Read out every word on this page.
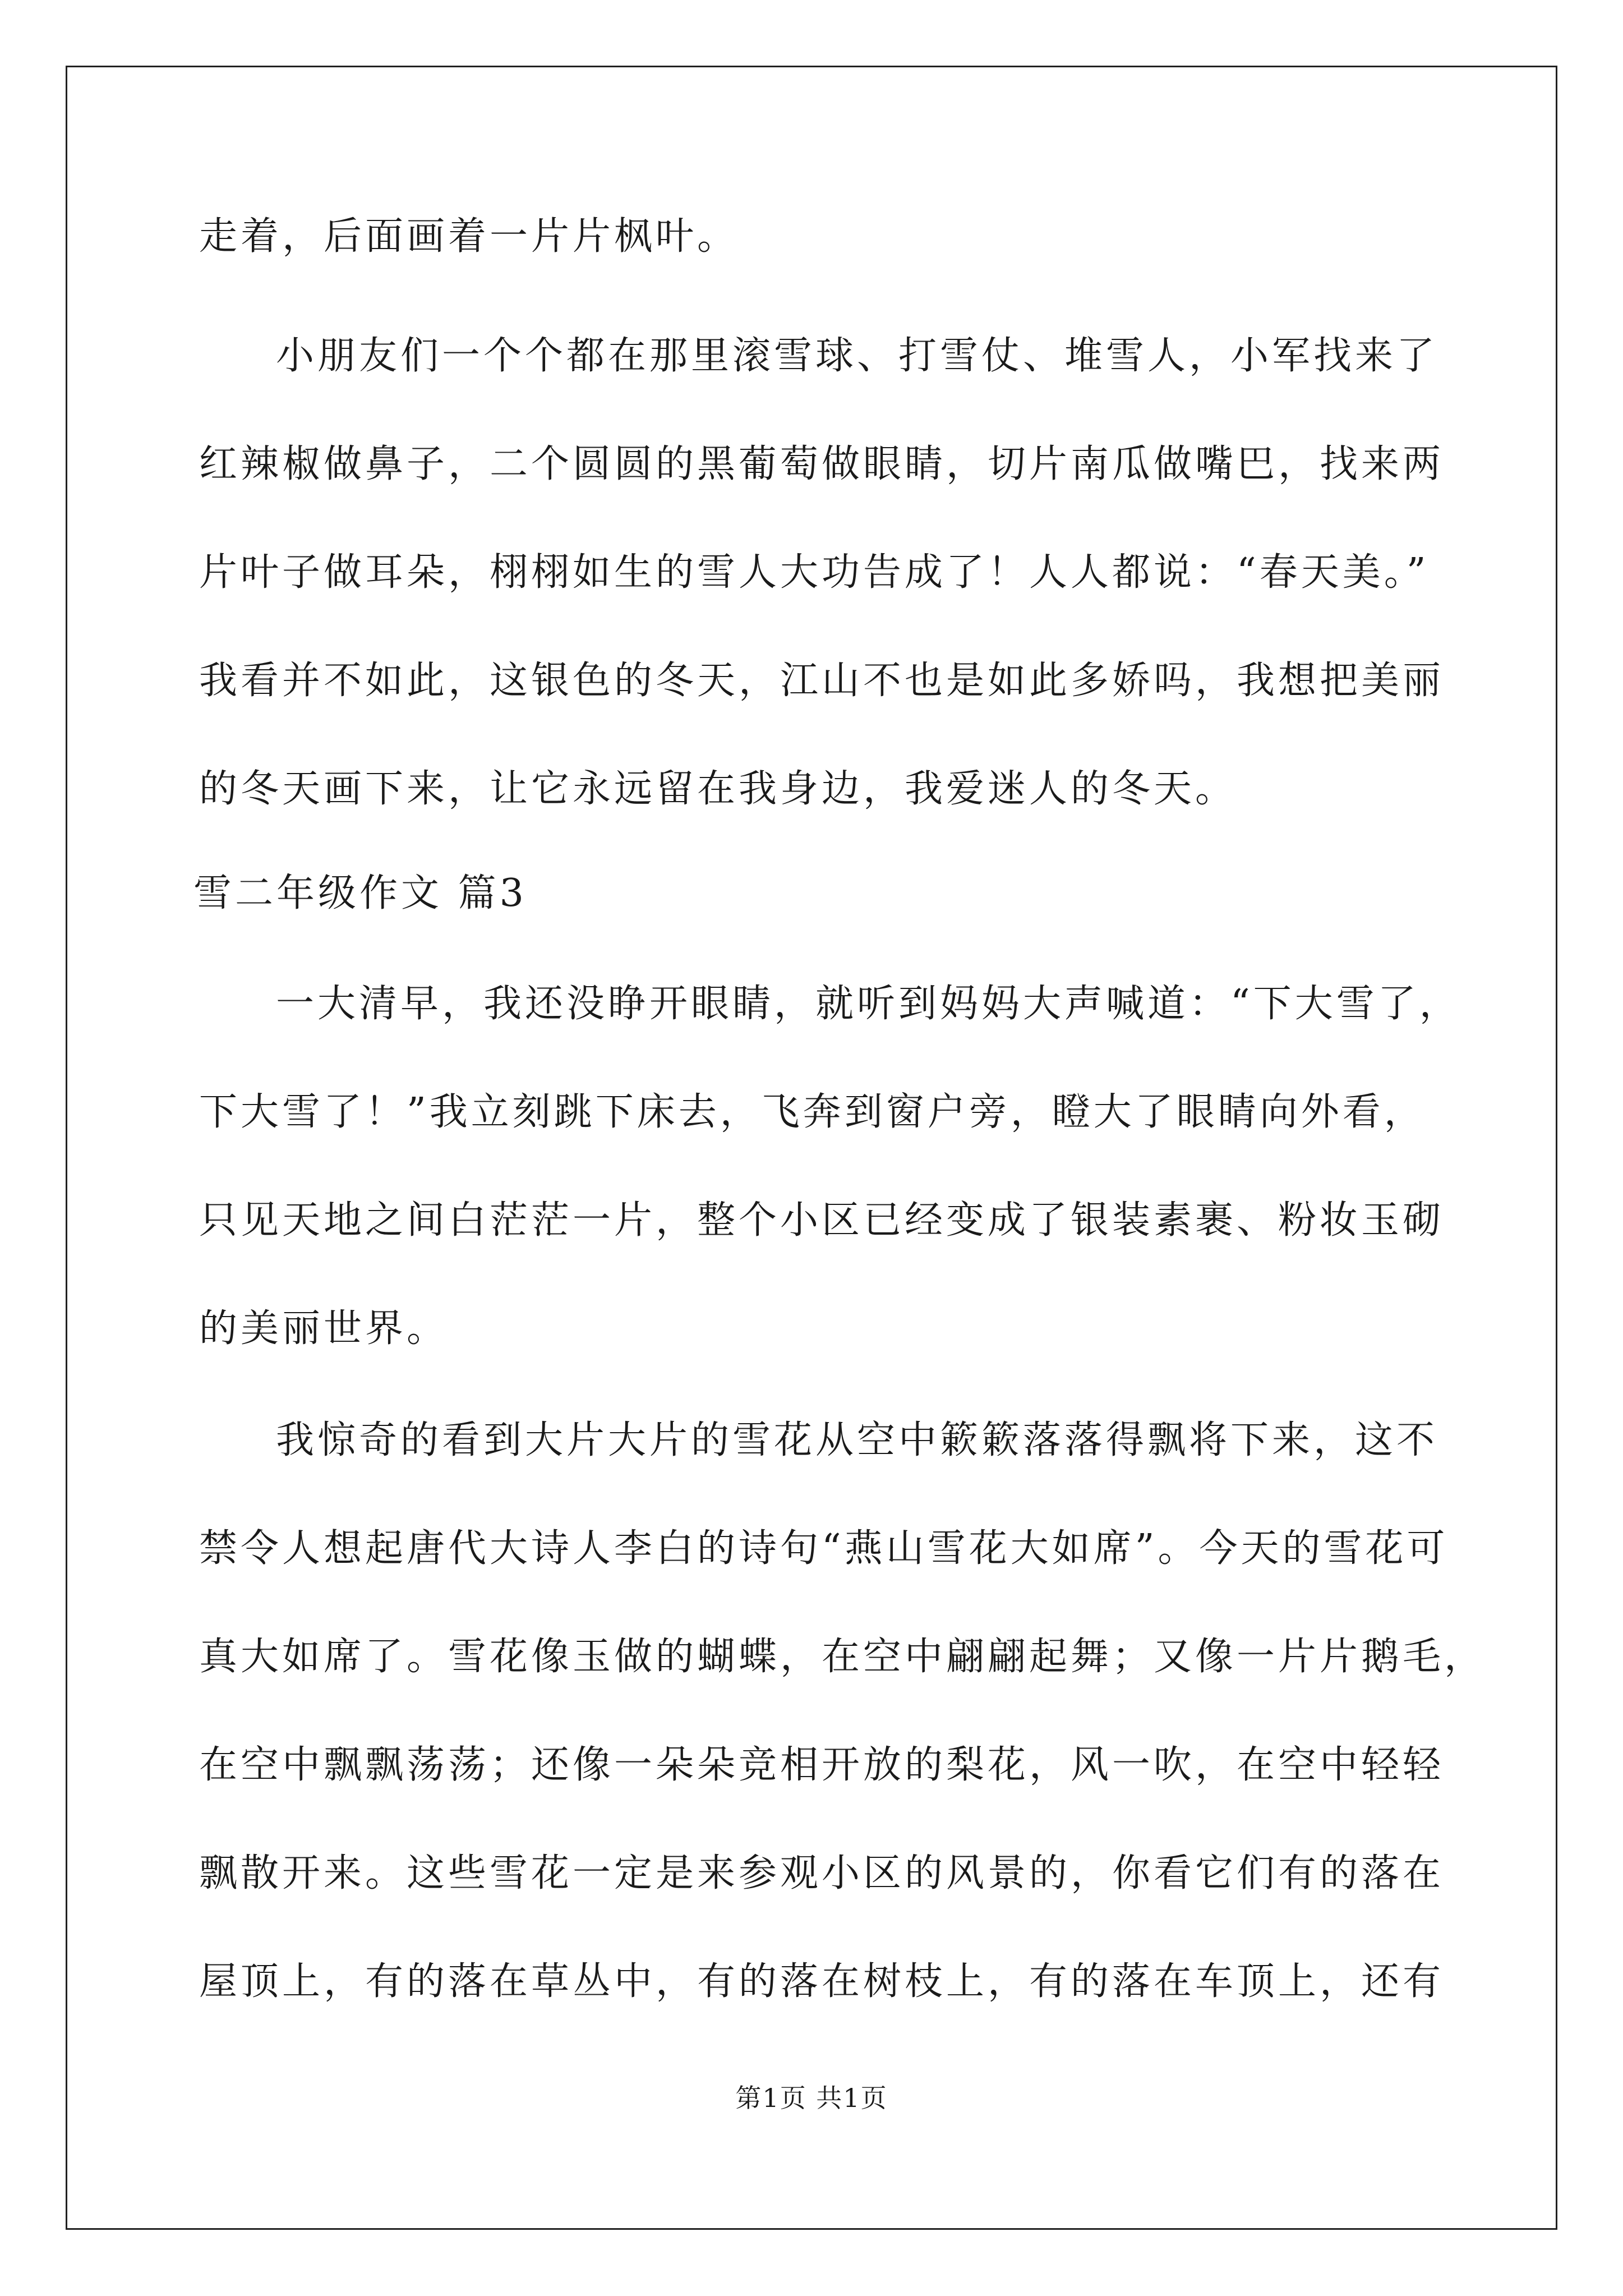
走着，后面画着一片片枫叶。
小朋友们一个个都在那里滚雪球、打雪仗、堆雪人，小军找来了
红辣椒做鼻子，二个圆圆的黑葡萄做眼睛，切片南瓜做嘴巴，找来两
片叶子做耳朵，栩栩如生的雪人大功告成了！人人都说：“春天美。”
我看并不如此，这银色的冬天，江山不也是如此多娇吗，我想把美丽
的冬天画下来，让它永远留在我身边，我爱迷人的冬天。
雪二年级作文 篇3
一大清早，我还没睁开眼睛，就听到妈妈大声喊道：“下大雪了，
下大雪了！”我立刻跳下床去，飞奔到窗户旁，瞪大了眼睛向外看，
只见天地之间白茫茫一片，整个小区已经变成了银装素裹、粉妆玉砌
的美丽世界。
我惊奇的看到大片大片的雪花从空中簌簌落落得飘将下来，这不
禁令人想起唐代大诗人李白的诗句“燕山雪花大如席”。今天的雪花可
真大如席了。雪花像玉做的蝴蝶，在空中翩翩起舞；又像一片片鹅毛，
在空中飘飘荡荡；还像一朵朵竞相开放的梨花，风一吹，在空中轻轻
飘散开来。这些雪花一定是来参观小区的风景的，你看它们有的落在
屋顶上，有的落在草丛中，有的落在树枝上，有的落在车顶上，还有
第1页 共1页
